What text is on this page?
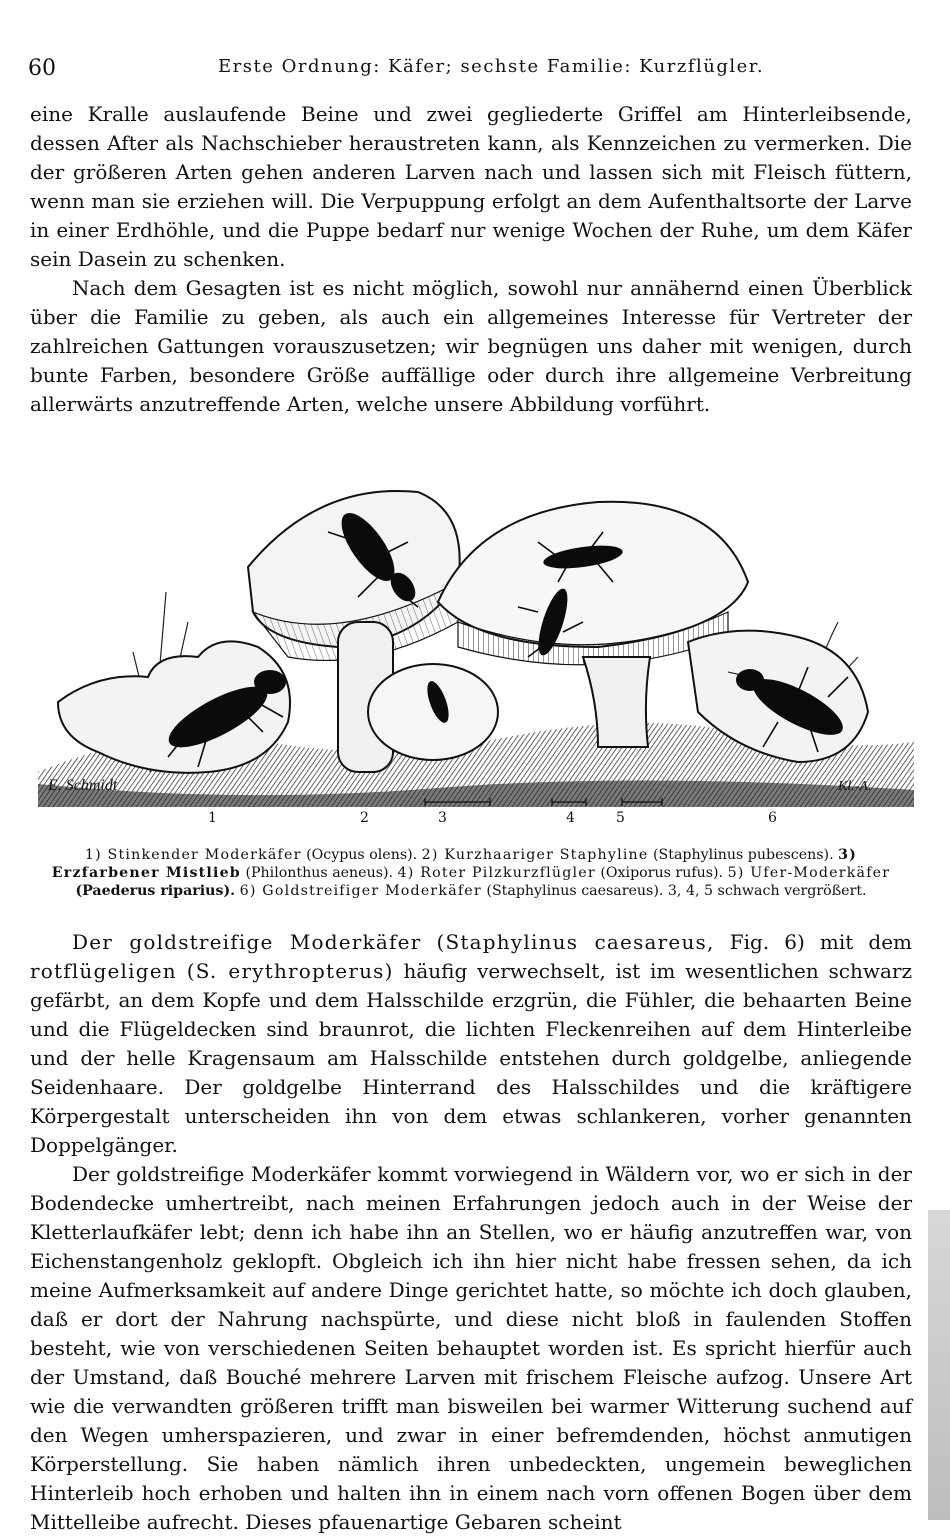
60	Erste Ordnung: Käfer; sechste Familie: Kurzflügler.

eine Kralle auslaufende Beine und zwei gegliederte Griffel am Hinterleibsende, dessen After als Nachschieber heraustreten kann, als Kennzeichen zu vermerken. Die der größeren Arten gehen anderen Larven nach und lassen sich mit Fleisch füttern, wenn man sie erziehen will. Die Verpuppung erfolgt an dem Aufenthaltsorte der Larve in einer Erdhöhle, und die Puppe bedarf nur wenige Wochen der Ruhe, um dem Käfer sein Dasein zu schenken.

Nach dem Gesagten ist es nicht möglich, sowohl nur annähernd einen Überblick über die Familie zu geben, als auch ein allgemeines Interesse für Vertreter der zahlreichen Gattungen vorauszusetzen; wir begnügen uns daher mit wenigen, durch bunte Farben, besondere Größe auffällige oder durch ihre allgemeine Verbreitung allerwärts anzutreffende Arten, welche unsere Abbildung vorführt.

E. Schmidt	Kl.-A.
1	2	3	4	5	6
1) Stinkender Moderkäfer (Ocypus olens). 2) Kurzhaariger Staphyline (Staphylinus pubescens). 3) Erzfarbener Mistlieb (Philonthus aeneus). 4) Roter Pilzkurzflügler (Oxiporus rufus). 5) Ufer-Moderkäfer (Paederus riparius). 6) Goldstreifiger Moderkäfer (Staphylinus caesareus). 3, 4, 5 schwach vergrößert.

Der goldstreifige Moderkäfer (Staphylinus caesareus, Fig. 6) mit dem rotflügeligen (S. erythropterus) häufig verwechselt, ist im wesentlichen schwarz gefärbt, an dem Kopfe und dem Halsschilde erzgrün, die Fühler, die behaarten Beine und die Flügeldecken sind braunrot, die lichten Fleckenreihen auf dem Hinterleibe und der helle Kragensaum am Halsschilde entstehen durch goldgelbe, anliegende Seidenhaare. Der goldgelbe Hinterrand des Halsschildes und die kräftigere Körpergestalt unterscheiden ihn von dem etwas schlankeren, vorher genannten Doppelgänger.

Der goldstreifige Moderkäfer kommt vorwiegend in Wäldern vor, wo er sich in der Bodendecke umhertreibt, nach meinen Erfahrungen jedoch auch in der Weise der Kletterlaufkäfer lebt; denn ich habe ihn an Stellen, wo er häufig anzutreffen war, von Eichenstangenholz geklopft. Obgleich ich ihn hier nicht habe fressen sehen, da ich meine Aufmerksamkeit auf andere Dinge gerichtet hatte, so möchte ich doch glauben, daß er dort der Nahrung nachspürte, und diese nicht bloß in faulenden Stoffen besteht, wie von verschiedenen Seiten behauptet worden ist. Es spricht hierfür auch der Umstand, daß Bouché mehrere Larven mit frischem Fleische aufzog. Unsere Art wie die verwandten größeren trifft man bisweilen bei warmer Witterung suchend auf den Wegen umherspazieren, und zwar in einer befremdenden, höchst anmutigen Körperstellung. Sie haben nämlich ihren unbedeckten, ungemein beweglichen Hinterleib hoch erhoben und halten ihn in einem nach vorn offenen Bogen über dem Mittelleibe aufrecht. Dieses pfauenartige Gebaren scheint
